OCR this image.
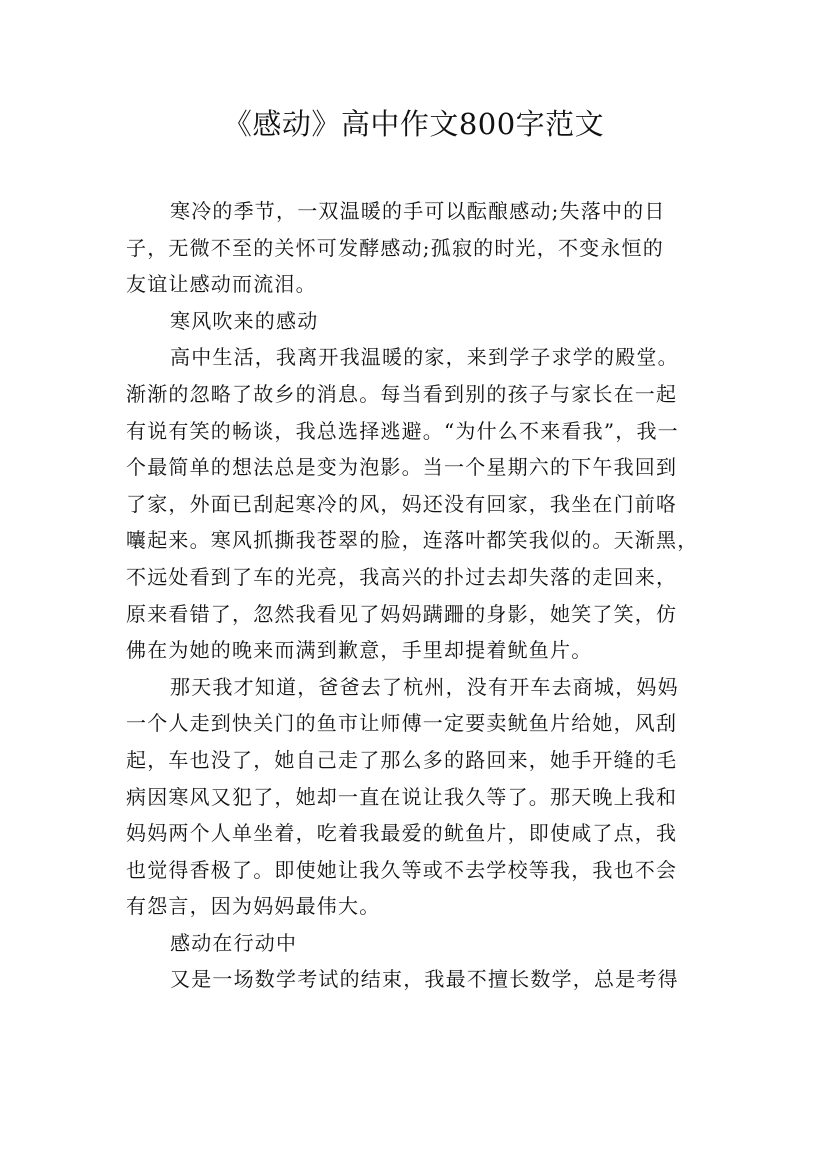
《感动》高中作文800字范文
寒冷的季节，一双温暖的手可以酝酿感动;失落中的日
子，无微不至的关怀可发酵感动;孤寂的时光，不变永恒的
友谊让感动而流泪。
寒风吹来的感动
高中生活，我离开我温暖的家，来到学子求学的殿堂。
渐渐的忽略了故乡的消息。每当看到别的孩子与家长在一起
有说有笑的畅谈，我总选择逃避。“为什么不来看我”，我一
个最简单的想法总是变为泡影。当一个星期六的下午我回到
了家，外面已刮起寒冷的风，妈还没有回家，我坐在门前咯
囔起来。寒风抓撕我苍翠的脸，连落叶都笑我似的。天渐黑，
不远处看到了车的光亮，我高兴的扑过去却失落的走回来，
原来看错了，忽然我看见了妈妈蹒跚的身影，她笑了笑，仿
佛在为她的晚来而满到歉意，手里却提着鱿鱼片。
那天我才知道，爸爸去了杭州，没有开车去商城，妈妈
一个人走到快关门的鱼市让师傅一定要卖鱿鱼片给她，风刮
起，车也没了，她自己走了那么多的路回来，她手开缝的毛
病因寒风又犯了，她却一直在说让我久等了。那天晚上我和
妈妈两个人单坐着，吃着我最爱的鱿鱼片，即使咸了点，我
也觉得香极了。即使她让我久等或不去学校等我，我也不会
有怨言，因为妈妈最伟大。
感动在行动中
又是一场数学考试的结束，我最不擅长数学，总是考得
